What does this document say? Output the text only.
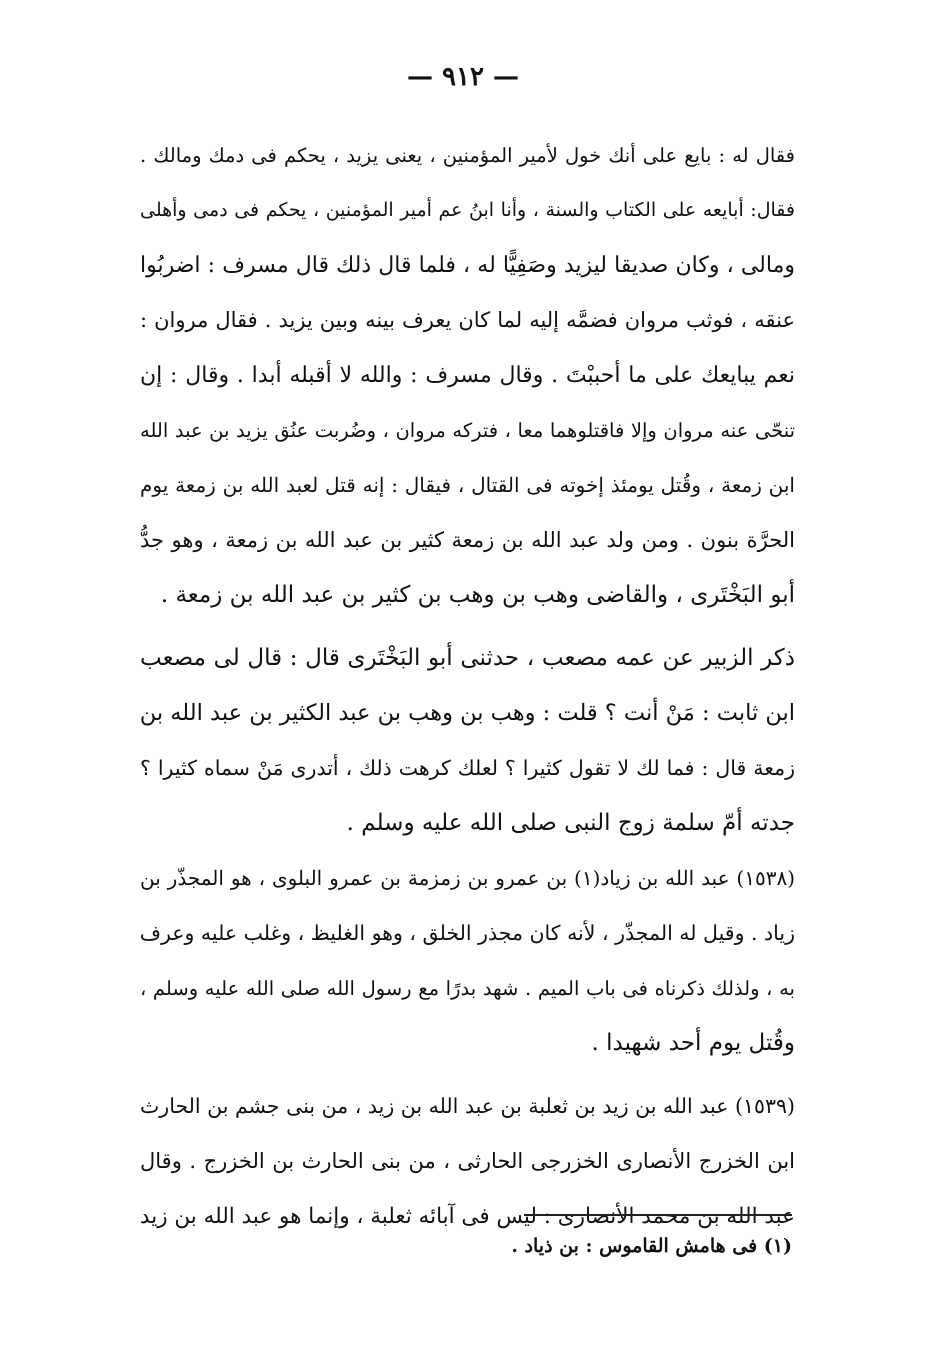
— ٩١٢ —
فقال له : بايع على أنك خول لأمير المؤمنين ، يعنى يزيد ، يحكم فى دمك ومالك .
فقال: أبايعه على الكتاب والسنة ، وأنا ابنُ عم أمير المؤمنين ، يحكم فى دمى وأهلى
ومالى ، وكان صديقا ليزيد وصَفِيًّا له ، فلما قال ذلك قال مسرف : اضربُوا
عنقه ، فوثب مروان فضمَّه إليه لما كان يعرف بينه وبين يزيد . فقال مروان :
نعم يبايعك على ما أحببْتَ . وقال مسرف : والله لا أقبله أبدا . وقال : إن
تنحّى عنه مروان وإلا فاقتلوهما معا ، فتركه مروان ، وضُربت عنُق يزيد بن عبد الله
ابن زمعة ، وقُتل يومئذ إخوته فى القتال ، فيقال : إنه قتل لعبد الله بن زمعة يوم
الحرَّة بنون . ومن ولد عبد الله بن زمعة كثير بن عبد الله بن زمعة ، وهو جدُّ
أبو البَخْتَرى ، والقاضى وهب بن وهب بن كثير بن عبد الله بن زمعة .
ذكر الزبير عن عمه مصعب ، حدثنى أبو البَخْتَرى قال : قال لى مصعب
ابن ثابت : مَنْ أنت ؟ قلت : وهب بن وهب بن عبد الكثير بن عبد الله بن
زمعة قال : فما لك لا تقول كثيرا ؟ لعلك كرهت ذلك ، أتدرى مَنْ سماه كثيرا ؟
جدته أمّ سلمة زوج النبى صلى الله عليه وسلم .
(١٥٣٨) عبد الله بن زياد(١) بن عمرو بن زمزمة بن عمرو البلوى ، هو المجذّر بن
زياد . وقيل له المجذّر ، لأنه كان مجذر الخلق ، وهو الغليظ ، وغلب عليه وعرف
به ، ولذلك ذكرناه فى باب الميم . شهد بدرًا مع رسول الله صلى الله عليه وسلم ،
وقُتل يوم أحد شهيدا .
(١٥٣٩) عبد الله بن زيد بن ثعلبة بن عبد الله بن زيد ، من بنى جشم بن الحارث
ابن الخزرج الأنصارى الخزرجى الحارثى ، من بنى الحارث بن الخزرج . وقال
عبد الله بن محمد الأنصارى : ليس فى آبائه ثعلبة ، وإنما هو عبد الله بن زيد
(١) فى هامش القاموس : بن ذياد .
